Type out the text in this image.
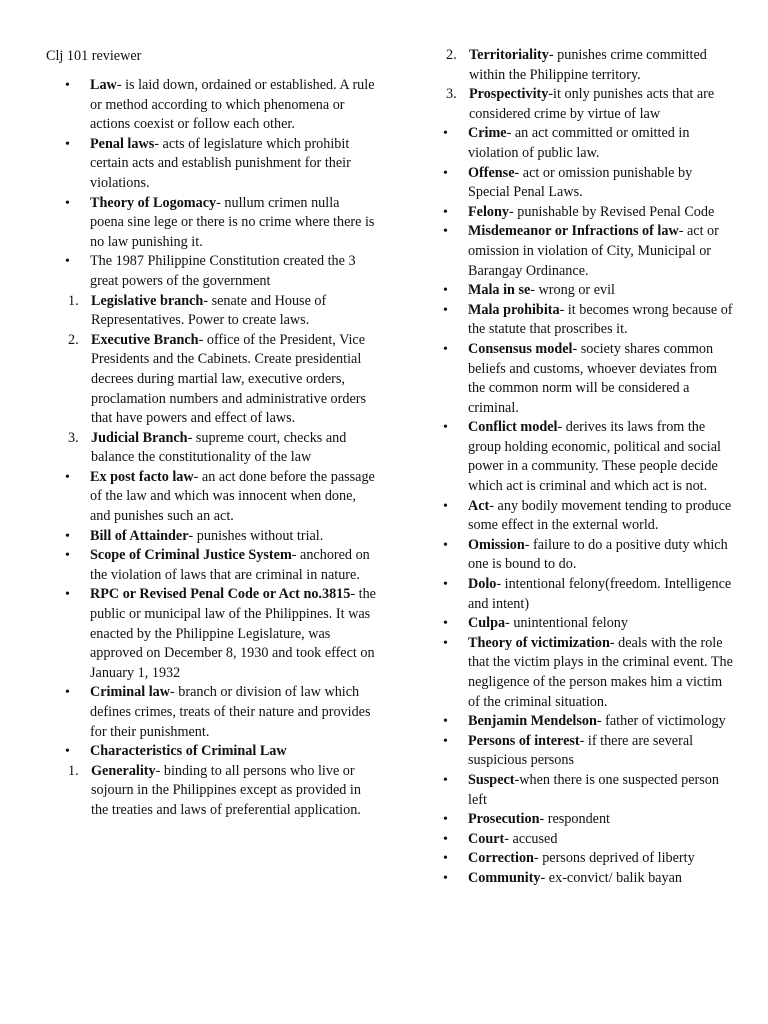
Clj 101 reviewer
• Law- is laid down, ordained or established. A rule or method according to which phenomena or actions coexist or follow each other.
• Penal laws- acts of legislature which prohibit certain acts and establish punishment for their violations.
• Theory of Logomacy- nullum crimen nulla poena sine lege or there is no crime where there is no law punishing it.
• The 1987 Philippine Constitution created the 3 great powers of the government
1. Legislative branch- senate and House of Representatives. Power to create laws.
2. Executive Branch- office of the President, Vice Presidents and the Cabinets. Create presidential decrees during martial law, executive orders, proclamation numbers and administrative orders that have powers and effect of laws.
3. Judicial Branch- supreme court, checks and balance the constitutionality of the law
• Ex post facto law- an act done before the passage of the law and which was innocent when done, and punishes such an act.
• Bill of Attainder- punishes without trial.
• Scope of Criminal Justice System- anchored on the violation of laws that are criminal in nature.
• RPC or Revised Penal Code or Act no.3815- the public or municipal law of the Philippines. It was enacted by the Philippine Legislature, was approved on December 8, 1930 and took effect on January 1, 1932
• Criminal law- branch or division of law which defines crimes, treats of their nature and provides for their punishment.
• Characteristics of Criminal Law
1. Generality- binding to all persons who live or sojourn in the Philippines except as provided in the treaties and laws of preferential application.
2. Territoriality- punishes crime committed within the Philippine territory.
3. Prospectivity-it only punishes acts that are considered crime by virtue of law
• Crime- an act committed or omitted in violation of public law.
• Offense- act or omission punishable by Special Penal Laws.
• Felony- punishable by Revised Penal Code
• Misdemeanor or Infractions of law- act or omission in violation of City, Municipal or Barangay Ordinance.
• Mala in se- wrong or evil
• Mala prohibita- it becomes wrong because of the statute that proscribes it.
• Consensus model- society shares common beliefs and customs, whoever deviates from the common norm will be considered a criminal.
• Conflict model- derives its laws from the group holding economic, political and social power in a community. These people decide which act is criminal and which act is not.
• Act- any bodily movement tending to produce some effect in the external world.
• Omission- failure to do a positive duty which one is bound to do.
• Dolo- intentional felony(freedom. Intelligence and intent)
• Culpa- unintentional felony
• Theory of victimization- deals with the role that the victim plays in the criminal event. The negligence of the person makes him a victim of the criminal situation.
• Benjamin Mendelson- father of victimology
• Persons of interest- if there are several suspicious persons
• Suspect-when there is one suspected person left
• Prosecution- respondent
• Court- accused
• Correction- persons deprived of liberty
• Community- ex-convict/ balik bayan
